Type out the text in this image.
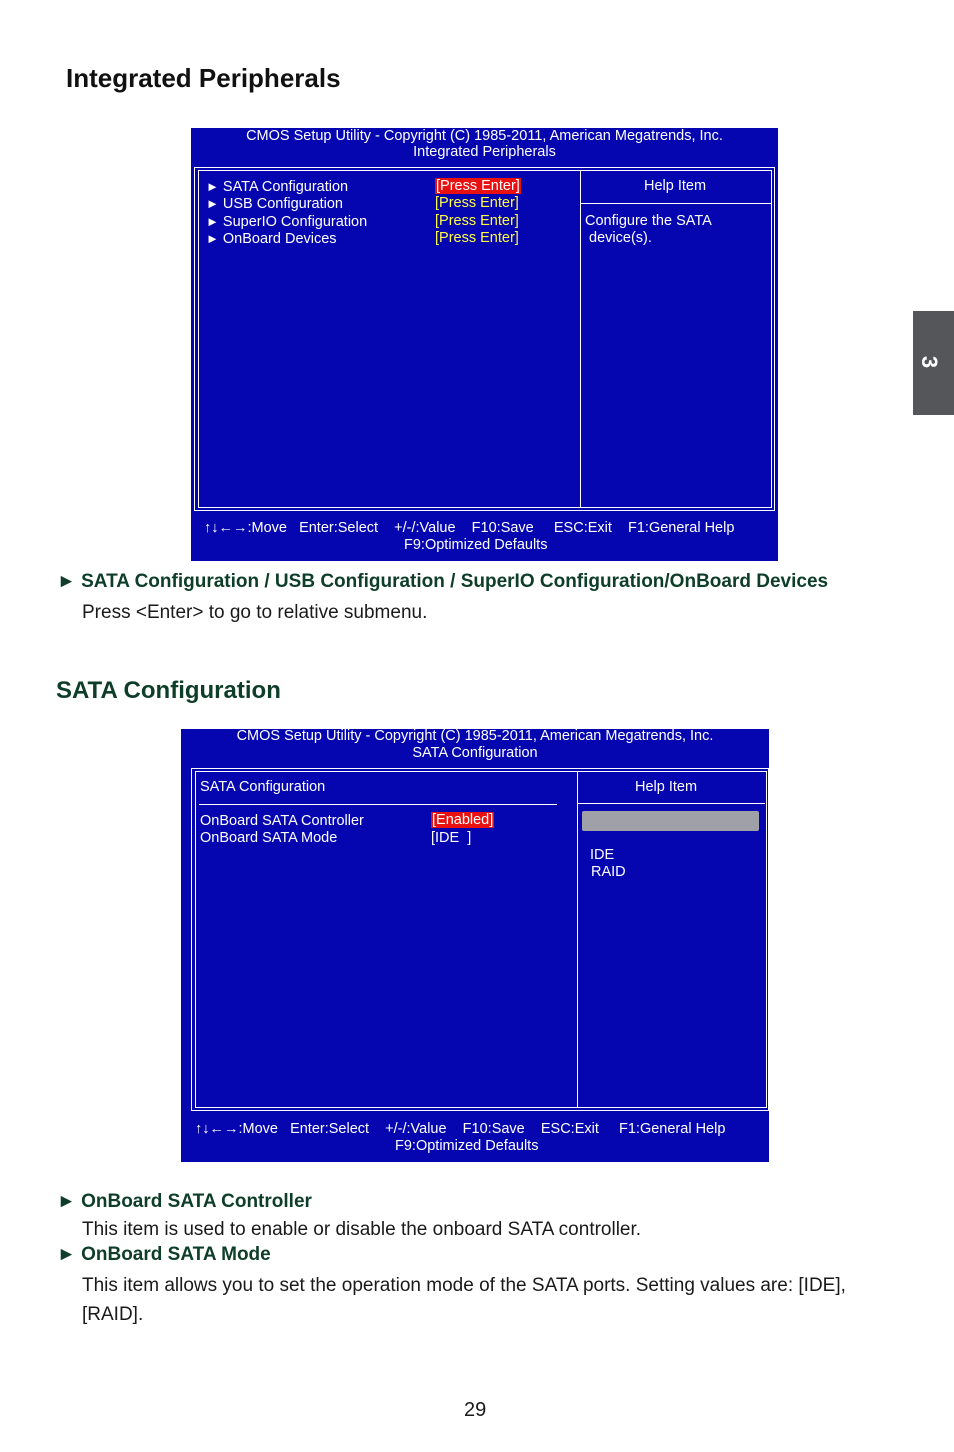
Integrated Peripherals
3
CMOS Setup Utility - Copyright (C) 1985-2011, American Megatrends, Inc.
Integrated Peripherals
► SATA Configuration	[Press Enter]
► USB Configuration	[Press Enter]
► SuperIO Configuration	[Press Enter]
► OnBoard Devices	[Press Enter]
Help Item
Configure the SATA
device(s).
↑↓←→:Move   Enter:Select    +/-/:Value    F10:Save     ESC:Exit    F1:General Help
F9:Optimized Defaults
► SATA Configuration / USB Configuration / SuperIO Configuration/OnBoard Devices
Press <Enter> to go to relative submenu.
SATA Configuration
CMOS Setup Utility - Copyright (C) 1985-2011, American Megatrends, Inc.
SATA Configuration
SATA Configuration
OnBoard SATA Controller	[Enabled]
OnBoard SATA Mode	[IDE  ]
Help Item
IDE
RAID
↑↓←→:Move   Enter:Select    +/-/:Value    F10:Save    ESC:Exit     F1:General Help
F9:Optimized Defaults
► OnBoard SATA Controller
This item is used to enable or disable the onboard SATA controller.
► OnBoard SATA Mode
This item allows you to set the operation mode of the SATA ports. Setting values are: [IDE],
[RAID].
29
